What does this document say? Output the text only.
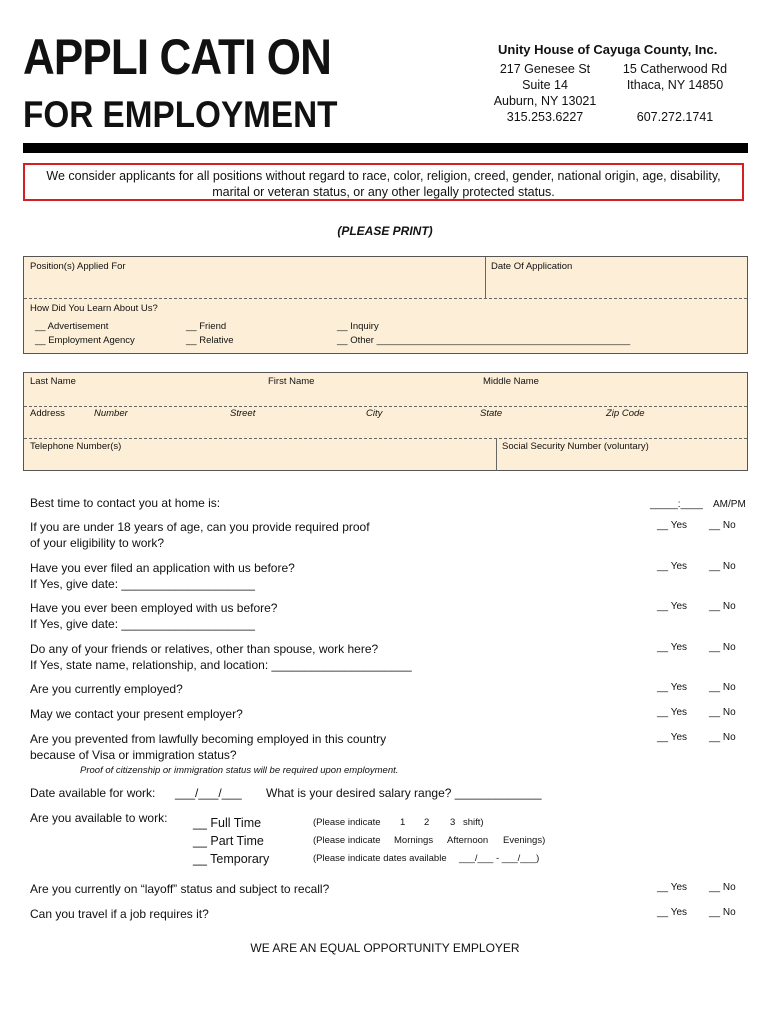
APPLI CATI ON
FOR EMPLOYMENT
Unity House of Cayuga County, Inc.
217 Genesee St
Suite 14
Auburn, NY 13021
315.253.6227
15 Catherwood Rd
Ithaca, NY 14850

607.272.1741
We consider applicants for all positions without regard to race, color, religion, creed, gender, national origin, age, disability,
marital or veteran status, or any other legally protected status.
(PLEASE PRINT)
Position(s) Applied For	Date Of Application
How Did You Learn About Us?
__ Advertisement	__ Friend	__ Inquiry
__ Employment Agency	__ Relative	__ Other ________________________________________________
Last Name	First Name	Middle Name
Address	Number	Street	City	State	Zip Code
Telephone Number(s)	Social Security Number (voluntary)
Best time to contact you at home is:	_____:____ AM/PM
If you are under 18 years of age, can you provide required proof
of your eligibility to work?
__ Yes __ No
Have you ever filed an application with us before?
If Yes, give date: ____________________
__ Yes __ No
Have you ever been employed with us before?
If Yes, give date: ____________________
__ Yes __ No
Do any of your friends or relatives, other than spouse, work here?
If Yes, state name, relationship, and location: _____________________
__ Yes __ No
Are you currently employed?	__ Yes __ No
May we contact your present employer?	__ Yes __ No
Are you prevented from lawfully becoming employed in this country
because of Visa or immigration status?
__ Yes __ No
Proof of citizenship or immigration status will be required upon employment.
Date available for work: ___/___/___ What is your desired salary range? _____________
Are you available to work: __ Full Time
__ Part Time
__ Temporary
(Please indicate 1 2 3 shift)
(Please indicate Mornings Afternoon Evenings)
(Please indicate dates available ___/___ - ___/___)
Are you currently on “layoff” status and subject to recall?	__ Yes __ No
Can you travel if a job requires it?	__ Yes __ No
WE ARE AN EQUAL OPPORTUNITY EMPLOYER
